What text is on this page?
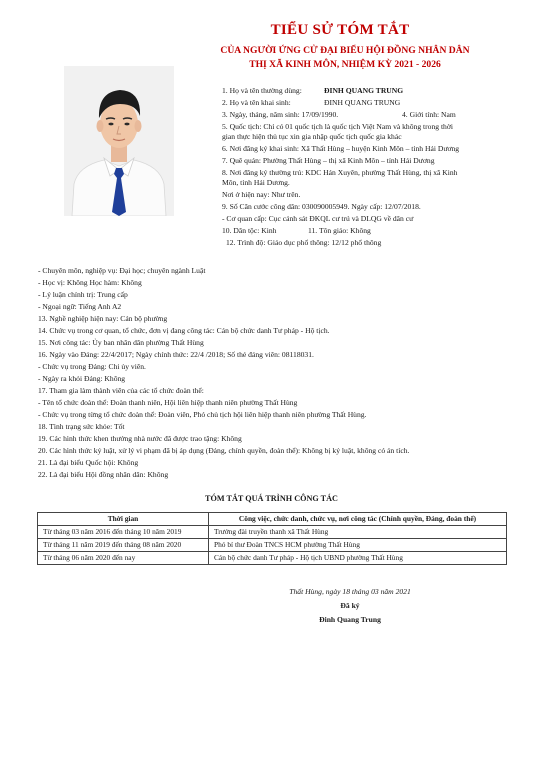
TIỂU SỬ TÓM TẮT
CỦA NGƯỜI ỨNG CỬ ĐẠI BIỂU HỘI ĐỒNG NHÂN DÂN
THỊ XÃ KINH MÔN, NHIỆM KỲ 2021 - 2026
1. Họ và tên thường dùng:	ĐINH QUANG TRUNG
2. Họ và tên khai sinh:	ĐINH QUANG TRUNG
3. Ngày, tháng, năm sinh: 17/09/1990.	4. Giới tính: Nam
5. Quốc tịch: Chỉ có 01 quốc tịch là quốc tịch Việt Nam và không trong thời
gian thực hiện thủ tục xin gia nhập quốc tịch quốc gia khác
6. Nơi đăng ký khai sinh: Xã Thất Hùng – huyện Kinh Môn – tỉnh Hải Dương
7. Quê quán: Phường Thất Hùng – thị xã Kinh Môn – tỉnh Hải Dương
8. Nơi đăng ký thường trú: KDC Hán Xuyên, phường Thất Hùng, thị xã Kinh
Môn, tỉnh Hải Dương.
Nơi ở hiện nay: Như trên.
9. Số Căn cước công dân: 030090005949. Ngày cấp: 12/07/2018.
- Cơ quan cấp: Cục cảnh sát ĐKQL cư trú và DLQG về dân cư
10. Dân tộc: Kinh	11. Tôn giáo: Không
12. Trình độ: Giáo dục phổ thông: 12/12 phổ thông
- Chuyên môn, nghiệp vụ: Đại học; chuyên ngành Luật
- Học vị: Không Học hàm: Không
- Lý luận chính trị: Trung cấp
- Ngoại ngữ: Tiếng Anh A2
13. Nghề nghiệp hiện nay: Cán bộ phường
14. Chức vụ trong cơ quan, tổ chức, đơn vị đang công tác: Cán bộ chức danh Tư pháp - Hộ tịch.
15. Nơi công tác: Ủy ban nhân dân phường Thất Hùng
16. Ngày vào Đảng: 22/4/2017; Ngày chính thức: 22/4 /2018; Số thẻ đảng viên: 08118031.
- Chức vụ trong Đảng: Chi ủy viên.
- Ngày ra khỏi Đảng: Không
17. Tham gia làm thành viên của các tổ chức đoàn thể:
- Tên tổ chức đoàn thể: Đoàn thanh niên, Hội liên hiệp thanh niên phường Thất Hùng
- Chức vụ trong từng tổ chức đoàn thể: Đoàn viên, Phó chủ tịch hội liên hiệp thanh niên phường Thất Hùng.
18. Tình trạng sức khỏe: Tốt
19. Các hình thức khen thưởng nhà nước đã được trao tặng: Không
20. Các hình thức kỷ luật, xử lý vi phạm đã bị áp dụng (Đảng, chính quyền, đoàn thể): Không bị kỷ luật, không có án tích.
21. Là đại biểu Quốc hội: Không
22. Là đại biểu Hội đồng nhân dân: Không
TÓM TẮT QUÁ TRÌNH CÔNG TÁC
Thời gian	Công việc, chức danh, chức vụ, nơi công tác (Chính quyền, Đảng, đoàn thể)
Từ tháng 03 năm 2016 đến tháng 10 năm 2019	Trưởng đài truyền thanh xã Thất Hùng
Từ tháng 11 năm 2019 đến tháng 08 năm 2020	Phó bí thư Đoàn TNCS HCM phường Thất Hùng
Từ tháng 06 năm 2020 đến nay	Cán bộ chức danh Tư pháp - Hộ tịch UBND phường Thất Hùng
Thất Hùng, ngày 18 tháng 03 năm 2021
Đã ký
Đinh Quang Trung
